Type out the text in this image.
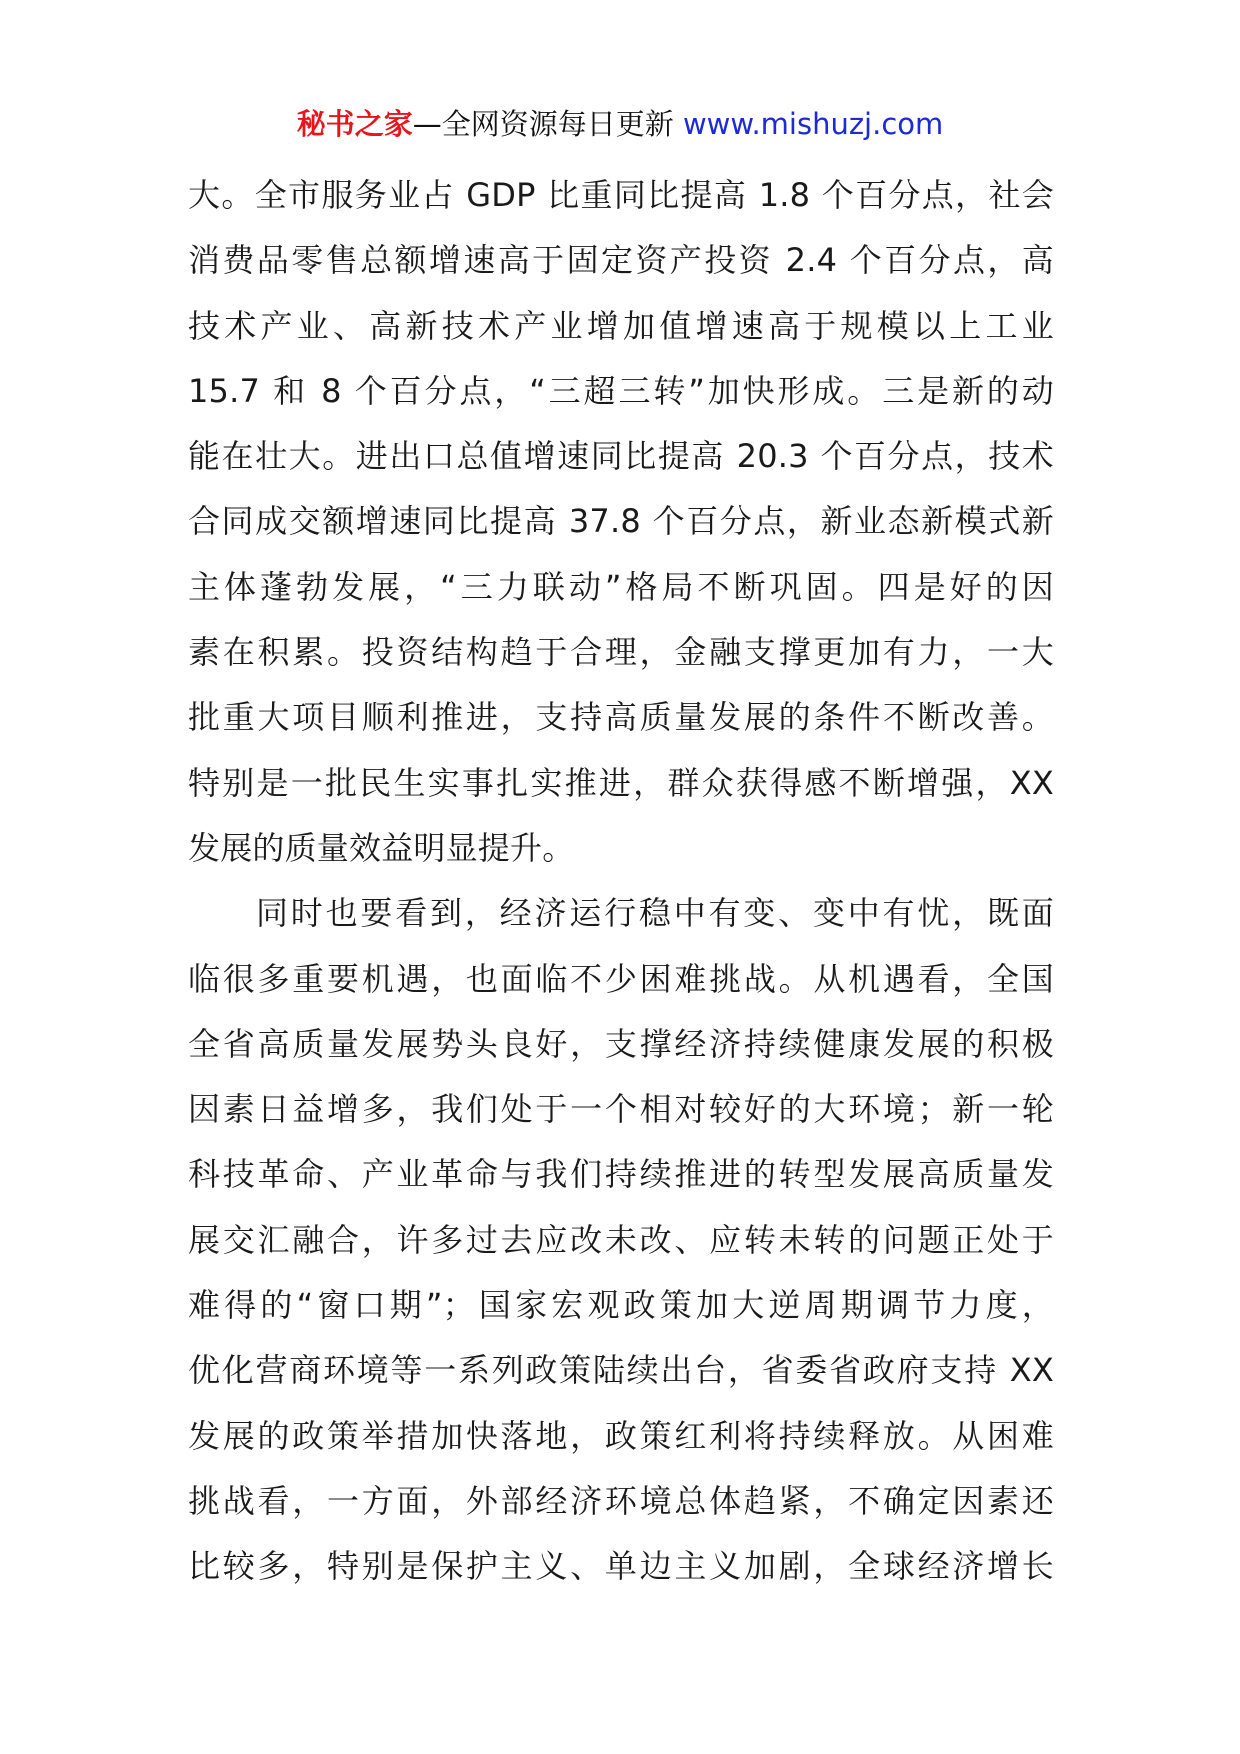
秘书之家—全网资源每日更新 www.mishuzj.com
大。全市服务业占 GDP 比重同比提高 1.8 个百分点，社会
消费品零售总额增速高于固定资产投资 2.4 个百分点，高
技术产业、高新技术产业增加值增速高于规模以上工业
15.7 和 8 个百分点，“三超三转”加快形成。三是新的动
能在壮大。进出口总值增速同比提高 20.3 个百分点，技术
合同成交额增速同比提高 37.8 个百分点，新业态新模式新
主体蓬勃发展，“三力联动”格局不断巩固。四是好的因
素在积累。投资结构趋于合理，金融支撑更加有力，一大
批重大项目顺利推进，支持高质量发展的条件不断改善。
特别是一批民生实事扎实推进，群众获得感不断增强，XX
发展的质量效益明显提升。
同时也要看到，经济运行稳中有变、变中有忧，既面
临很多重要机遇，也面临不少困难挑战。从机遇看，全国
全省高质量发展势头良好，支撑经济持续健康发展的积极
因素日益增多，我们处于一个相对较好的大环境；新一轮
科技革命、产业革命与我们持续推进的转型发展高质量发
展交汇融合，许多过去应改未改、应转未转的问题正处于
难得的“窗口期”；国家宏观政策加大逆周期调节力度，
优化营商环境等一系列政策陆续出台，省委省政府支持 XX
发展的政策举措加快落地，政策红利将持续释放。从困难
挑战看，一方面，外部经济环境总体趋紧，不确定因素还
比较多，特别是保护主义、单边主义加剧，全球经济增长
